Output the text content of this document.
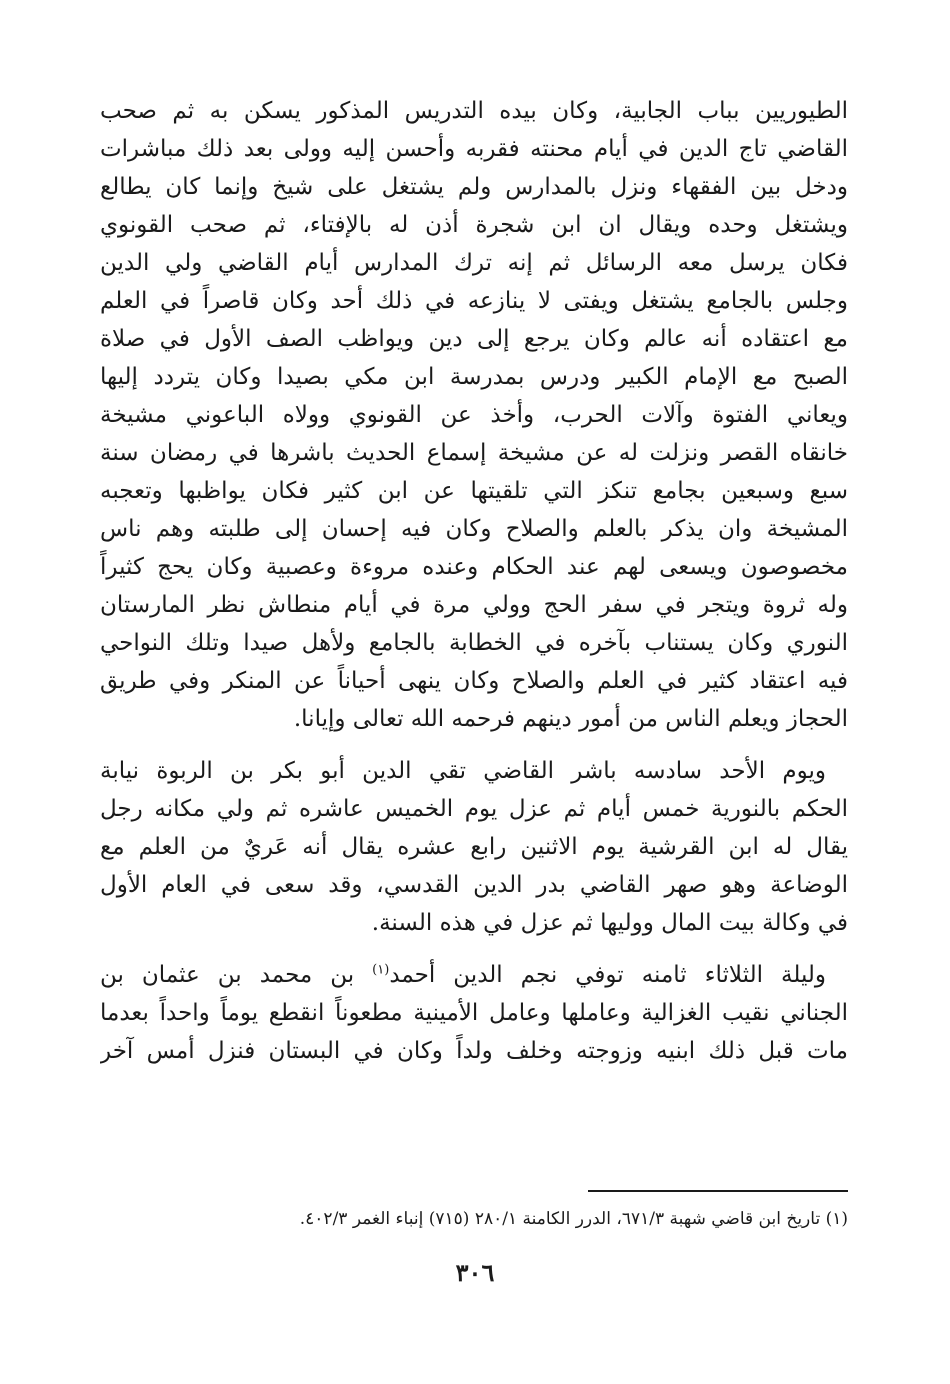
الطيوريين بباب الجابية، وكان بيده التدريس المذكور يسكن به ثم صحب
القاضي تاج الدين في أيام محنته فقربه وأحسن إليه وولى بعد ذلك مباشرات
ودخل بين الفقهاء ونزل بالمدارس ولم يشتغل على شيخ وإنما كان يطالع
ويشتغل وحده ويقال ان ابن شجرة أذن له بالإفتاء، ثم صحب القونوي
فكان يرسل معه الرسائل ثم إنه ترك المدارس أيام القاضي ولي الدين
وجلس بالجامع يشتغل ويفتى لا ينازعه في ذلك أحد وكان قاصراً في العلم
مع اعتقاده أنه عالم وكان يرجع إلى دين ويواظب الصف الأول في صلاة
الصبح مع الإمام الكبير ودرس بمدرسة ابن مكي بصيدا وكان يتردد إليها
ويعاني الفتوة وآلات الحرب، وأخذ عن القونوي وولاه الباعوني مشيخة
خانقاه القصر ونزلت له عن مشيخة إسماع الحديث باشرها في رمضان سنة
سبع وسبعين بجامع تنكز التي تلقيتها عن ابن كثير فكان يواظبها وتعجبه
المشيخة وان يذكر بالعلم والصلاح وكان فيه إحسان إلى طلبته وهم ناس
مخصوصون ويسعى لهم عند الحكام وعنده مروءة وعصبية وكان يحج كثيراً
وله ثروة ويتجر في سفر الحج وولي مرة في أيام منطاش نظر المارستان
النوري وكان يستناب بآخره في الخطابة بالجامع ولأهل صيدا وتلك النواحي
فيه اعتقاد كثير في العلم والصلاح وكان ينهى أحياناً عن المنكر وفي طريق
الحجاز ويعلم الناس من أمور دينهم فرحمه الله تعالى وإيانا.
ويوم الأحد سادسه باشر القاضي تقي الدين أبو بكر بن الربوة نيابة
الحكم بالنورية خمس أيام ثم عزل يوم الخميس عاشره ثم ولي مكانه رجل
يقال له ابن القرشية يوم الاثنين رابع عشره يقال أنه عَريٌ من العلم مع
الوضاعة وهو صهر القاضي بدر الدين القدسي، وقد سعى في العام الأول
في وكالة بيت المال ووليها ثم عزل في هذه السنة.
وليلة الثلاثاء ثامنه توفي نجم الدين أحمد$^{(١)}$ بن محمد بن عثمان بن
الجناني نقيب الغزالية وعاملها وعامل الأمينية مطعوناً انقطع يوماً واحداً بعدما
مات قبل ذلك ابنيه وزوجته وخلف ولداً وكان في البستان فنزل أمس آخر
(١) تاريخ ابن قاضي شهبة ٦٧١/٣، الدرر الكامنة ٢٨٠/١ (٧١٥) إنباء الغمر ٤٠٢/٣.
٣٠٦
